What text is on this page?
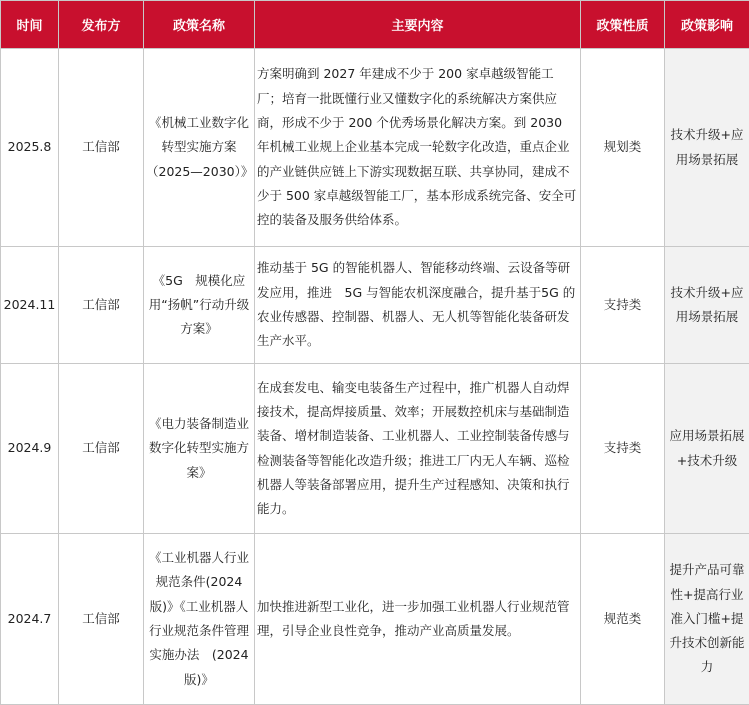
时间	发布方	政策名称	主要内容	政策性质	政策影响
2025.8	工信部	《机械工业数字化转型实施方案（2025—2030）》	方案明确到 2027 年建成不少于 200 家卓越级智能工厂；培育一批既懂行业又懂数字化的系统解决方案供应商，形成不少于 200 个优秀场景化解决方案。到 2030 年机械工业规上企业基本完成一轮数字化改造，重点企业的产业链供应链上下游实现数据互联、共享协同，建成不少于 500 家卓越级智能工厂，基本形成系统完备、安全可控的装备及服务供给体系。	规划类	技术升级+应用场景拓展
2024.11	工信部	《5G　规模化应用“扬帆”行动升级方案》	推动基于 5G 的智能机器人、智能移动终端、云设备等研发应用，推进　5G 与智能农机深度融合，提升基于5G 的农业传感器、控制器、机器人、无人机等智能化装备研发生产水平。	支持类	技术升级+应用场景拓展
2024.9	工信部	《电力装备制造业数字化转型实施方案》	在成套发电、输变电装备生产过程中，推广机器人自动焊接技术，提高焊接质量、效率；开展数控机床与基础制造装备、增材制造装备、工业机器人、工业控制装备传感与检测装备等智能化改造升级；推进工厂内无人车辆、巡检机器人等装备部署应用，提升生产过程感知、决策和执行能力。	支持类	应用场景拓展+技术升级
2024.7	工信部	《工业机器人行业规范条件(2024版)》《工业机器人行业规范条件管理实施办法　(2024　版)》	加快推进新型工业化，进一步加强工业机器人行业规范管理，引导企业良性竞争，推动产业高质量发展。	规范类	提升产品可靠性+提高行业准入门槛+提升技术创新能力
